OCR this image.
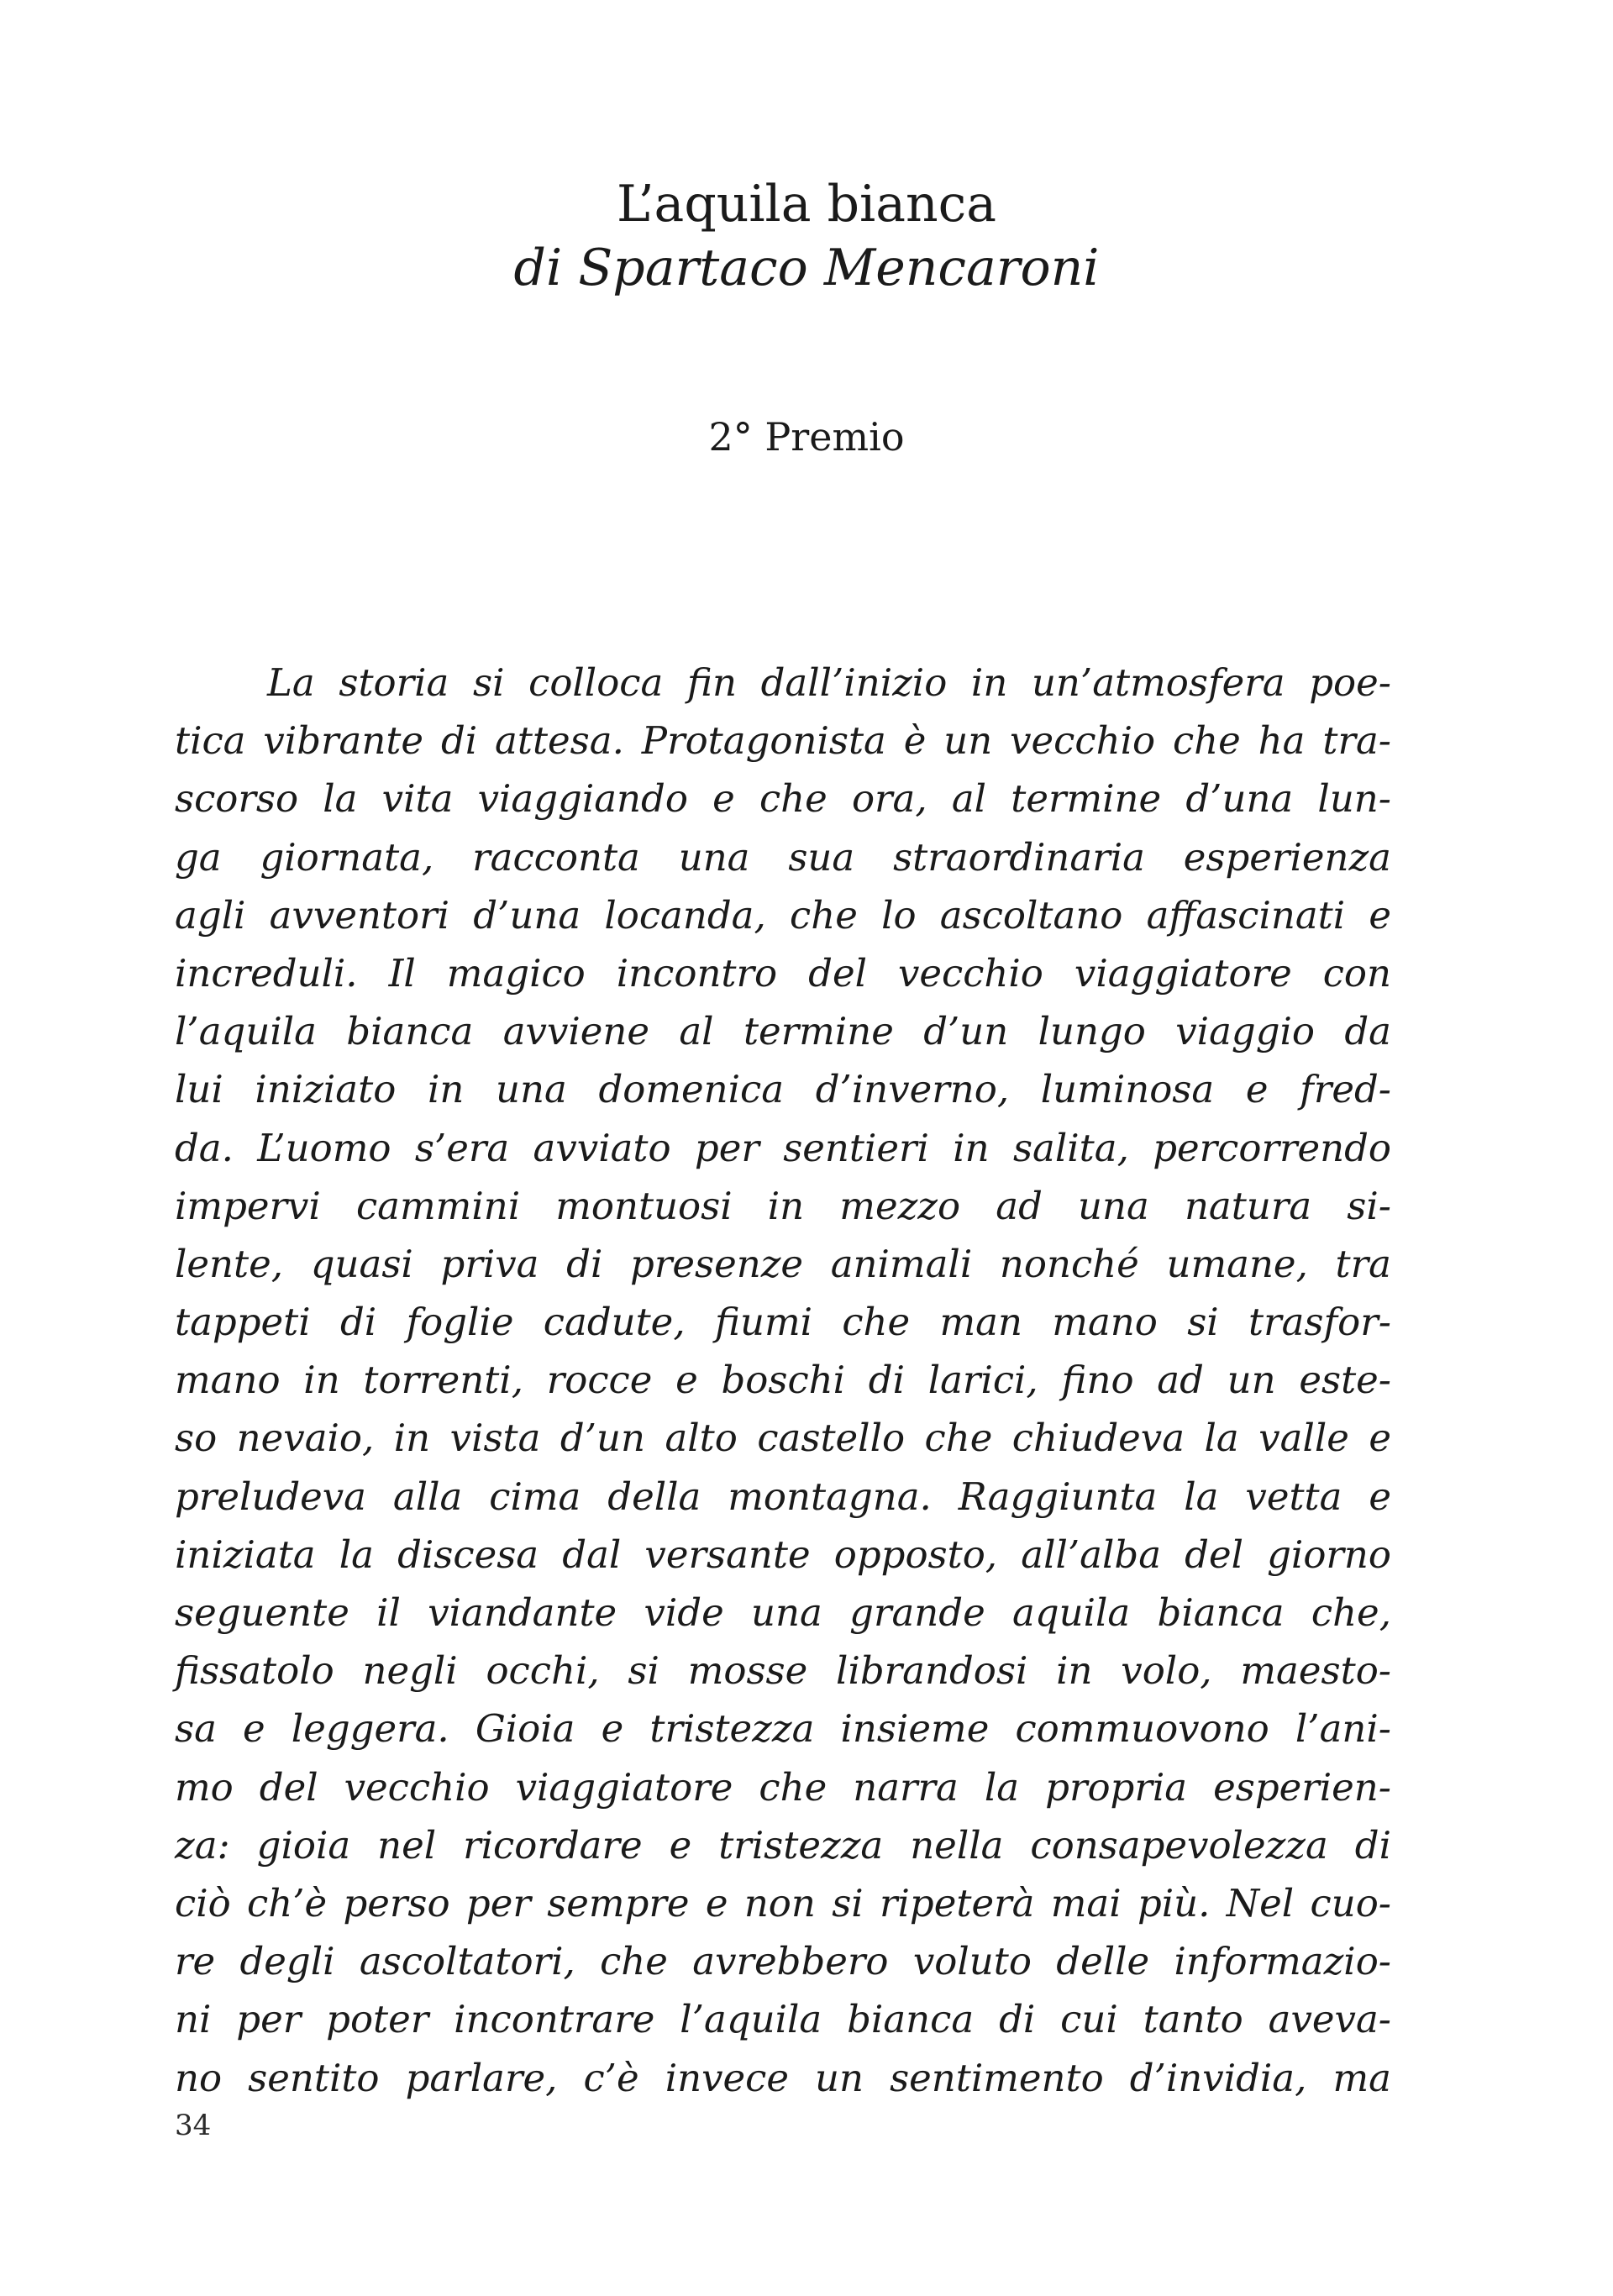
L’aquila bianca
di Spartaco Mencaroni
2° Premio
La storia si colloca fin dall’inizio in un’atmosfera poe-
tica vibrante di attesa. Protagonista è un vecchio che ha tra-
scorso la vita viaggiando e che ora, al termine d’una lun-
ga giornata, racconta una sua straordinaria esperienza
agli avventori d’una locanda, che lo ascoltano affascinati e
increduli. Il magico incontro del vecchio viaggiatore con
l’aquila bianca avviene al termine d’un lungo viaggio da
lui iniziato in una domenica d’inverno, luminosa e fred-
da. L’uomo s’era avviato per sentieri in salita, percorrendo
impervi cammini montuosi in mezzo ad una natura si-
lente, quasi priva di presenze animali nonché umane, tra
tappeti di foglie cadute, fiumi che man mano si trasfor-
mano in torrenti, rocce e boschi di larici, fino ad un este-
so nevaio, in vista d’un alto castello che chiudeva la valle e
preludeva alla cima della montagna. Raggiunta la vetta e
iniziata la discesa dal versante opposto, all’alba del giorno
seguente il viandante vide una grande aquila bianca che,
fissatolo negli occhi, si mosse librandosi in volo, maesto-
sa e leggera. Gioia e tristezza insieme commuovono l’ani-
mo del vecchio viaggiatore che narra la propria esperien-
za: gioia nel ricordare e tristezza nella consapevolezza di
ciò ch’è perso per sempre e non si ripeterà mai più. Nel cuo-
re degli ascoltatori, che avrebbero voluto delle informazio-
ni per poter incontrare l’aquila bianca di cui tanto aveva-
no sentito parlare, c’è invece un sentimento d’invidia, ma
34
